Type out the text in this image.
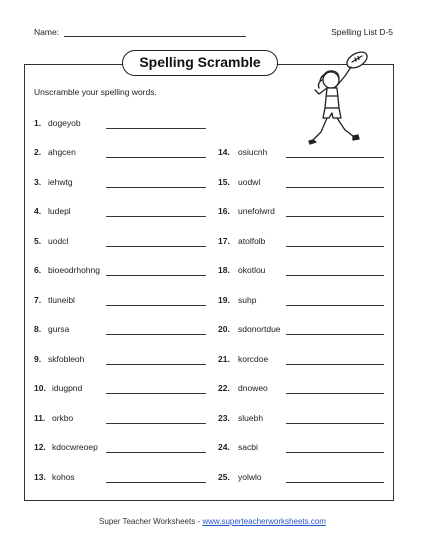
Name:	Spelling List D-5
Spelling Scramble
Unscramble your spelling words.
1. dogeyob
2. ahgcen
3. iehwtg
4. ludepl
5. uodcl
6. bioeodrhohng
7. tluneibl
8. gursa
9. skfobleoh
10. idugpnd
11. orkbo
12. kdocwreoep
13. kohos
14. osiucnh
15. uodwl
16. unefolwrd
17. atolfolb
18. okotlou
19. suhp
20. sdonortdue
21. korcdoe
22. dnoweo
23. sluebh
24. sacbi
25. yolwlo
Super Teacher Worksheets - www.superteacherworksheets.com
